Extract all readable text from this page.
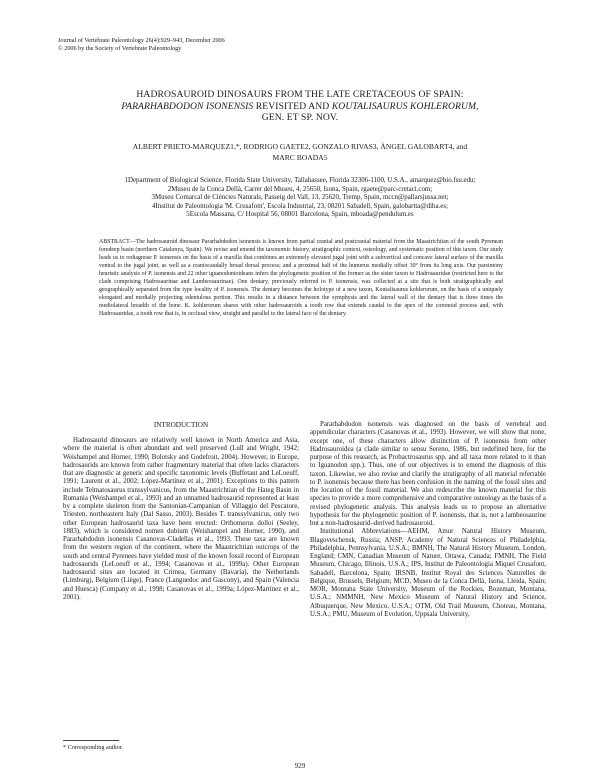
Journal of Vertebrate Paleontology 26(4):929–943, December 2006
© 2006 by the Society of Vertebrate Paleontology
HADROSAUROID DINOSAURS FROM THE LATE CRETACEOUS OF SPAIN:
PARARHABDODON ISONENSIS REVISITED AND KOUTALISAURUS KOHLERORUM,
GEN. ET SP. NOV.
ALBERT PRIETO-MARQUEZ1,*, RODRIGO GAETE2, GONZALO RIVAS3, ÀNGEL GALOBART4, and
MARC BOADA5
1Department of Biological Science, Florida State University, Tallahassee, Florida 32306-1100, U.S.A., amarquez@bio.fsu.edu;
2Museu de la Conca Dellà, Carrer del Museu, 4, 25650, Isona, Spain, rgaete@parc-cretaci.com;
3Museu Comarcal de Ciències Naturals, Passeig del Vall, 13, 25620, Tremp, Spain, mccn@pallarsjussa.net;
4Institut de Paleontologia 'M. Crusafont', Escola Industrial, 23, 08201 Sabadell, Spain, galobartta@diba.es;
5Escola Massana, C/ Hospital 56, 08001 Barcelona, Spain, mboada@pendulum.es
ABSTRACT—The hadrosauroid dinosaur Pararhabdodon isonensis is known from partial cranial and postcranial material from the Maastrichtian of the south Pyrenean foredeep basin (northern Catalunya, Spain). We revise and emend the taxonomic history, stratigraphic context, osteology, and systematic position of this taxon. Our study leads us to rediagnose P. isonensis on the basis of a maxilla that combines an extremely elevated jugal joint with a subvertical and concave lateral surface of the maxilla ventral to the jugal joint, as well as a craniocaudally broad dorsal process; and a proximal half of the humerus medially offset 30° from its long axis. Our parsimony heuristic analysis of P. isonensis and 22 other iguanodontoideans infers the phylogenetic position of the former as the sister taxon to Hadrosauridae (restricted here to the clade comprising Hadrosaurinae and Lambeosaurinae). One dentary, previously referred to P. isonensis, was collected at a site that is both stratigraphically and geographically separated from the type locality of P. isonensis. The dentary becomes the holotype of a new taxon, Koutalisaurus kohlerorum, on the basis of a uniquely elongated and medially projecting edentulous portion. This results in a distance between the symphysis and the lateral wall of the dentary that is three times the mediolateral breadth of the bone. K. kohlerorum shares with other hadrosauroids a tooth row that extends caudal to the apex of the coronoid process and, with Hadrosauridae, a tooth row that is, in occlusal view, straight and parallel to the lateral face of the dentary.
INTRODUCTION

Hadrosaurid dinosaurs are relatively well known in North America and Asia, where the material is often abundant and well preserved (Lull and Wright, 1942; Weishampel and Horner, 1990; Bolotsky and Godefroit, 2004). However, in Europe, hadrosaurids are known from rather fragmentary material that often lacks characters that are diagnostic at generic and specific taxonomic levels (Buffetaut and LeLoeuff, 1991; Laurent et al., 2002; López-Martínez et al., 2001). Exceptions to this pattern include Telmatosaurus transsylvanicus, from the Maastrichtian of the Hateg Basin in Rumania (Weishampel et al., 1993) and an unnamed hadrosaurid represented at least by a complete skeleton from the Santonian-Campanian of Villaggio del Pescatore, Triesten, northeastern Italy (Dal Sasso, 2003). Besides T. transsylvanicus, only two other European hadrosaurid taxa have been erected: Orthomerus dolloi (Seeley, 1883), which is considered nomen dubium (Weishampel and Horner, 1990), and Pararhabdodon isonensis Casanovas-Cladellas et al., 1993. These taxa are known from the western region of the continent, where the Maastrichtian outcrops of the south and central Pyrenees have yielded most of the known fossil record of European hadrosaurids (LeLoeuff et al., 1994; Casanovas et al., 1999a). Other European hadrosaurid sites are located in Crimea, Germany (Bavaria), the Netherlands (Limburg), Belgium (Liège), France (Languedoc and Gascony), and Spain (Valencia and Huesca) (Company et al., 1998; Casanovas et al., 1999a; López-Martínez et al., 2001).

Pararhabdodon isonensis was diagnosed on the basis of vertebral and appendicular characters (Casanovas et al., 1993). However, we will show that none, except one, of these characters allow distinction of P. isonensis from other Hadrosauroidea (a clade similar to sensu Sereno, 1986, but redefined here, for the purpose of this research, as Probactrosaurus spp. and all taxa more related to it than to Iguanodon spp.). Thus, one of our objectives is to emend the diagnosis of this taxon. Likewise, we also revise and clarify the stratigraphy of all material referrable to P. isonensis because there has been confusion in the naming of the fossil sites and the location of the fossil material. We also redescribe the known material for this species to provide a more comprehensive and comparative osteology as the basis of a revised phylogenetic analysis. This analysis leads us to propose an alternative hypothesis for the phylogenetic position of P. isonensis, that is, not a lambeosaurine but a non-hadrosaurid–derived hadrosauroid.

Institutional Abbreviations—AEHM, Amur Natural History Museum, Blagoveschensk, Russia; ANSP, Academy of Natural Sciences of Philadelphia, Philadelphia, Pennsylvania, U.S.A.; BMNH, The Natural History Museum, London, England; CMN, Canadian Museum of Nature, Ottawa, Canada; FMNH, The Field Museum, Chicago, Illinois, U.S.A.; IPS, Institut de Paleontologia Miquel Crusafont, Sabadell, Barcelona, Spain; IRSNB, Institut Royal des Sciences Naturelles de Belgique, Brussels, Belgium; MCD, Museu de la Conca Dellà, Isona, Lleida, Spain; MOR, Montana State University, Museum of the Rockies, Bozeman, Montana, U.S.A.; NMMNH, New Mexico Museum of Natural History and Science, Albuquerque, New Mexico, U.S.A.; OTM, Old Trail Museum, Choteau, Montana, U.S.A.; PMU, Museum of Evolution, Uppsala University,

* Corresponding author.
929
